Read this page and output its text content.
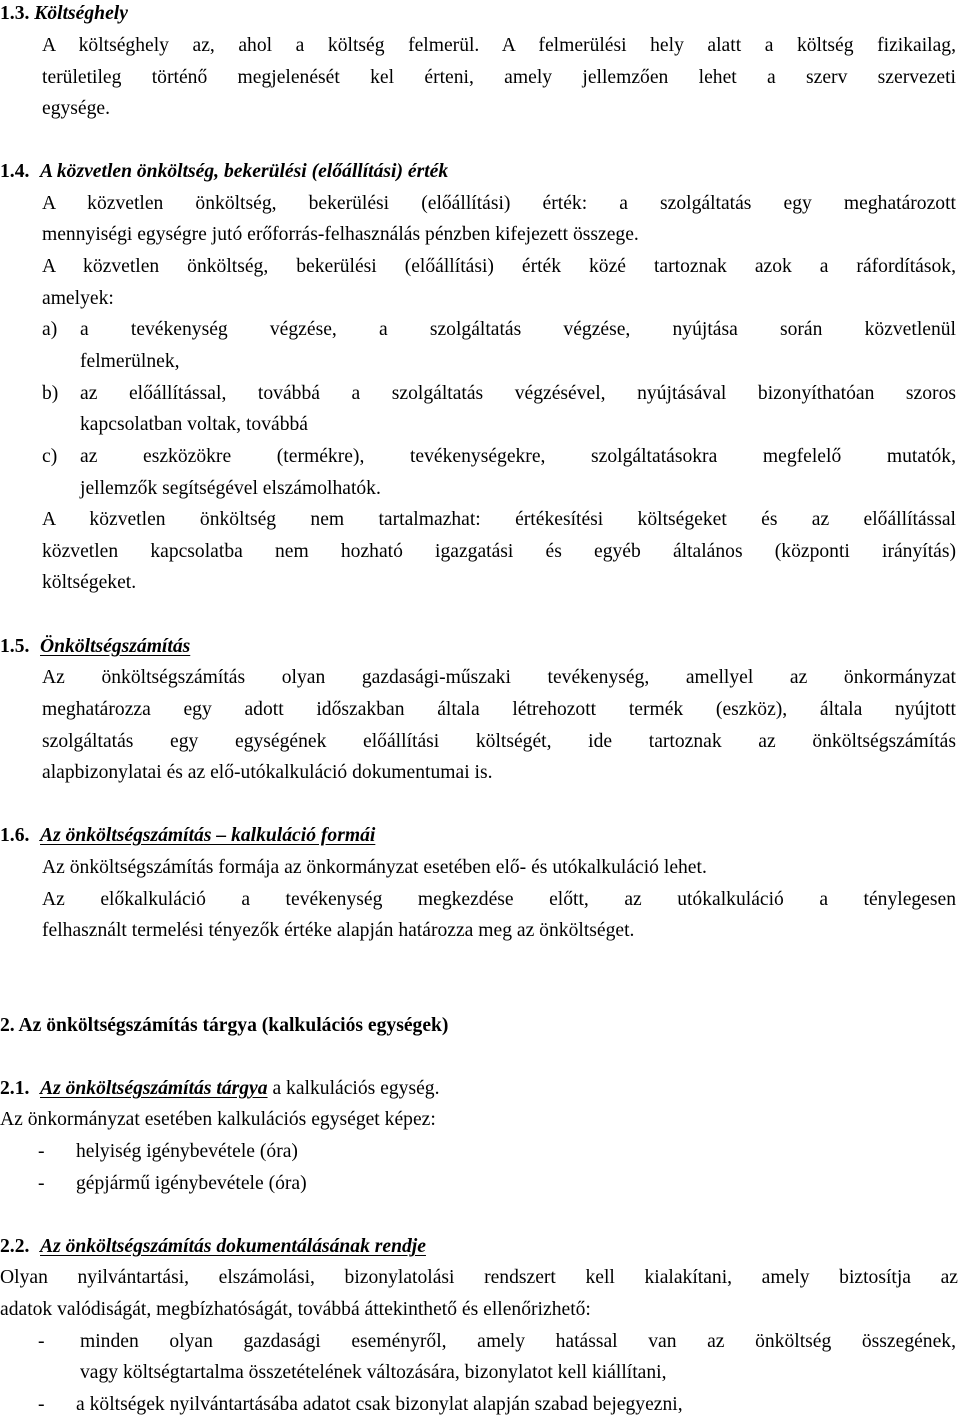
1.3. Költséghely
A költséghely az, ahol a költség felmerül. A felmerülési hely alatt a költség fizikailag,
területileg történő megjelenését kel érteni, amely jellemzően lehet a szerv szervezeti
egysége.
1.4. A közvetlen önköltség, bekerülési (előállítási) érték
A közvetlen önköltség, bekerülési (előállítási) érték: a szolgáltatás egy meghatározott
mennyiségi egységre jutó erőforrás-felhasználás pénzben kifejezett összege.
A közvetlen önköltség, bekerülési (előállítási) érték közé tartoznak azok a ráfordítások,
amelyek:
a)	a tevékenység végzése, a szolgáltatás végzése, nyújtása során közvetlenül
felmerülnek,
b)	az előállítással, továbbá a szolgáltatás végzésével, nyújtásával bizonyíthatóan szoros
kapcsolatban voltak, továbbá
c)	az eszközökre (termékre), tevékenységekre, szolgáltatásokra megfelelő mutatók,
jellemzők segítségével elszámolhatók.
A közvetlen önköltség nem tartalmazhat: értékesítési költségeket és az előállítással
közvetlen kapcsolatba nem hozható igazgatási és egyéb általános (központi irányítás)
költségeket.
1.5. Önköltségszámítás
Az önköltségszámítás olyan gazdasági-műszaki tevékenység, amellyel az önkormányzat
meghatározza egy adott időszakban általa létrehozott termék (eszköz), általa nyújtott
szolgáltatás egy egységének előállítási költségét, ide tartoznak az önköltségszámítás
alapbizonylatai és az elő-utókalkuláció dokumentumai is.
1.6. Az önköltségszámítás – kalkuláció formái
Az önköltségszámítás formája az önkormányzat esetében elő- és utókalkuláció lehet.
Az előkalkuláció a tevékenység megkezdése előtt, az utókalkuláció a ténylegesen
felhasznált termelési tényezők értéke alapján határozza meg az önköltséget.
2. Az önköltségszámítás tárgya (kalkulációs egységek)
2.1. Az önköltségszámítás tárgya a kalkulációs egység.
Az önkormányzat esetében kalkulációs egységet képez:
- helyiség igénybevétele (óra)
- gépjármű igénybevétele (óra)
2.2. Az önköltségszámítás dokumentálásának rendje
Olyan nyilvántartási, elszámolási, bizonylatolási rendszert kell kialakítani, amely biztosítja az
adatok valódiságát, megbízhatóságát, továbbá áttekinthető és ellenőrizhető:
-	minden olyan gazdasági eseményről, amely hatással van az önköltség összegének,
vagy költségtartalma összetételének változására, bizonylatot kell kiállítani,
- a költségek nyilvántartásába adatot csak bizonylat alapján szabad bejegyezni,
